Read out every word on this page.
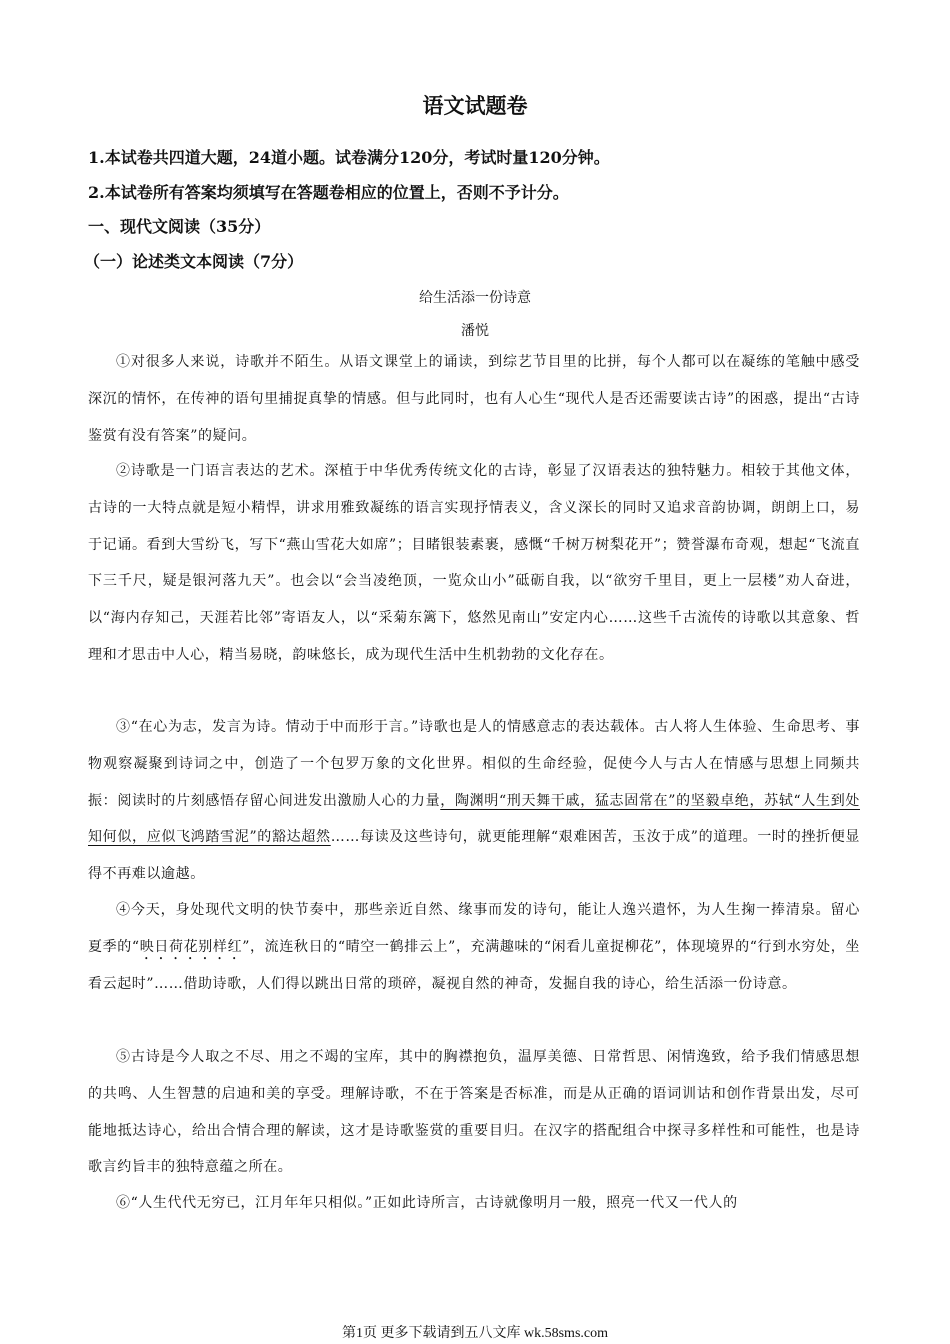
语文试题卷
1.本试卷共四道大题，24道小题。试卷满分120分，考试时量120分钟。
2.本试卷所有答案均须填写在答题卷相应的位置上，否则不予计分。
一、现代文阅读（35分）
（一）论述类文本阅读（7分）
给生活添一份诗意
潘悦
①对很多人来说，诗歌并不陌生。从语文课堂上的诵读，到综艺节目里的比拼，每个人都可以在凝练的笔触中感受深沉的情怀，在传神的语句里捕捉真挚的情感。但与此同时，也有人心生“现代人是否还需要读古诗”的困惑，提出“古诗鉴赏有没有答案”的疑问。
②诗歌是一门语言表达的艺术。深植于中华优秀传统文化的古诗，彰显了汉语表达的独特魅力。相较于其他文体，古诗的一大特点就是短小精悍，讲求用雅致凝练的语言实现抒情表义，含义深长的同时又追求音韵协调，朗朗上口，易于记诵。看到大雪纷飞，写下“燕山雪花大如席”；目睹银装素裹，感慨“千树万树梨花开”；赞誉瀑布奇观，想起“飞流直下三千尺，疑是银河落九天”。也会以“会当凌绝顶，一览众山小”砥砺自我，以“欲穷千里目，更上一层楼”劝人奋进，以“海内存知己，天涯若比邻”寄语友人，以“采菊东篱下，悠然见南山”安定内心……这些千古流传的诗歌以其意象、哲理和才思击中人心，精当易晓，韵味悠长，成为现代生活中生机勃勃的文化存在。
③“在心为志，发言为诗。情动于中而形于言。”诗歌也是人的情感意志的表达载体。古人将人生体验、生命思考、事物观察凝聚到诗词之中，创造了一个包罗万象的文化世界。相似的生命经验，促使今人与古人在情感与思想上同频共振：阅读时的片刻感悟存留心间进发出激励人心的力量，陶渊明“刑天舞干戚，猛志固常在”的坚毅卓绝，苏轼“人生到处知何似，应似飞鸿踏雪泥”的豁达超然……每读及这些诗句，就更能理解“艰难困苦，玉汝于成”的道理。一时的挫折便显得不再难以逾越。
④今天，身处现代文明的快节奏中，那些亲近自然、缘事而发的诗句，能让人逸兴遣怀，为人生掬一捧清泉。留心夏季的“映日荷花别样红”，流连秋日的“晴空一鹤排云上”，充满趣味的“闲看儿童捉柳花”，体现境界的“行到水穷处，坐看云起时”……借助诗歌，人们得以跳出日常的琐碎，凝视自然的神奇，发掘自我的诗心，给生活添一份诗意。
⑤古诗是今人取之不尽、用之不竭的宝库，其中的胸襟抱负，温厚美德、日常哲思、闲情逸致，给予我们情感思想的共鸣、人生智慧的启迪和美的享受。理解诗歌，不在于答案是否标准，而是从正确的语词训诂和创作背景出发，尽可能地抵达诗心，给出合情合理的解读，这才是诗歌鉴赏的重要目归。在汉字的搭配组合中探寻多样性和可能性，也是诗歌言约旨丰的独特意蕴之所在。
⑥“人生代代无穷已，江月年年只相似。”正如此诗所言，古诗就像明月一般，照亮一代又一代人的
第1页 更多下载请到五八文库 wk.58sms.com
